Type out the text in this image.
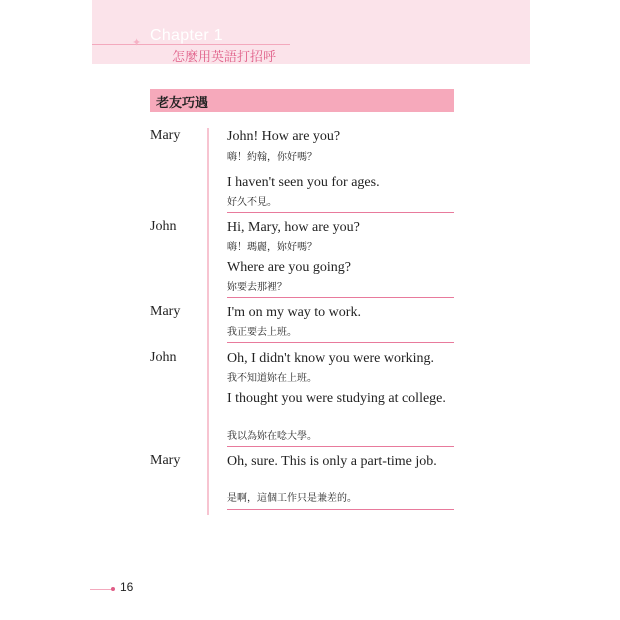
✦ Chapter 1
怎麼用英語打招呼
老友巧遇
Mary	John! How are you?
嗨！約翰，你好嗎？
I haven't seen you for ages.
好久不見。
John	Hi, Mary, how are you?
嗨！瑪麗，妳好嗎？
Where are you going?
妳要去那裡？
Mary	I'm on my way to work.
我正要去上班。
John	Oh, I didn't know you were working.
我不知道妳在上班。
I thought you were studying at college.
我以為妳在唸大學。
Mary	Oh, sure. This is only a part-time job.
是啊，這個工作只是兼差的。
16
